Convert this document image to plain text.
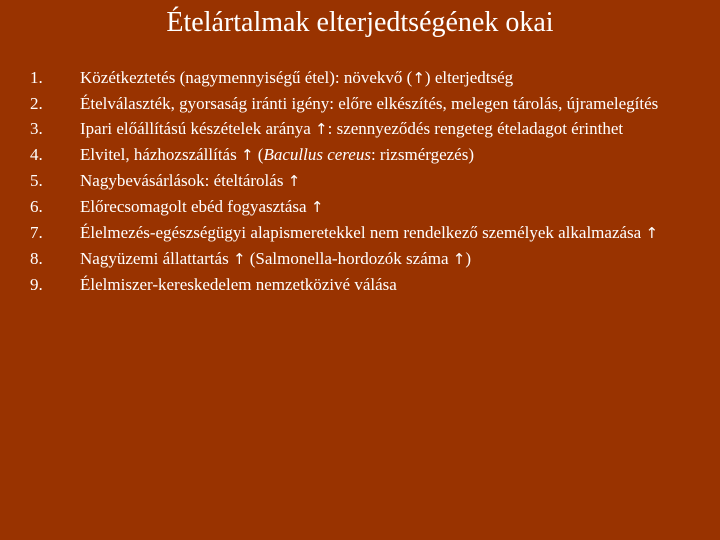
Ételártalmak elterjedtségének okai
1. Közétkeztetés (nagymennyiségű étel): növekvő (↑) elterjedtség
2. Ételválaszték, gyorsaság iránti igény: előre elkészítés, melegen tárolás, újramelegítés
3. Ipari előállítású készételek aránya ↑: szennyeződés rengeteg ételadagot érinthet
4. Elvitel, házhozszállítás ↑ (Bacullus cereus: rizsmérgezés)
5. Nagybevásárlások: ételtárolás ↑
6. Előrecsomagolt ebéd fogyasztása ↑
7. Élelmezés-egészségügyi alapismeretekkel nem rendelkező személyek alkalmazása ↑
8. Nagyüzemi állattartás ↑ (Salmonella-hordozók száma ↑)
9. Élelmiszer-kereskedelem nemzetközivé válása
